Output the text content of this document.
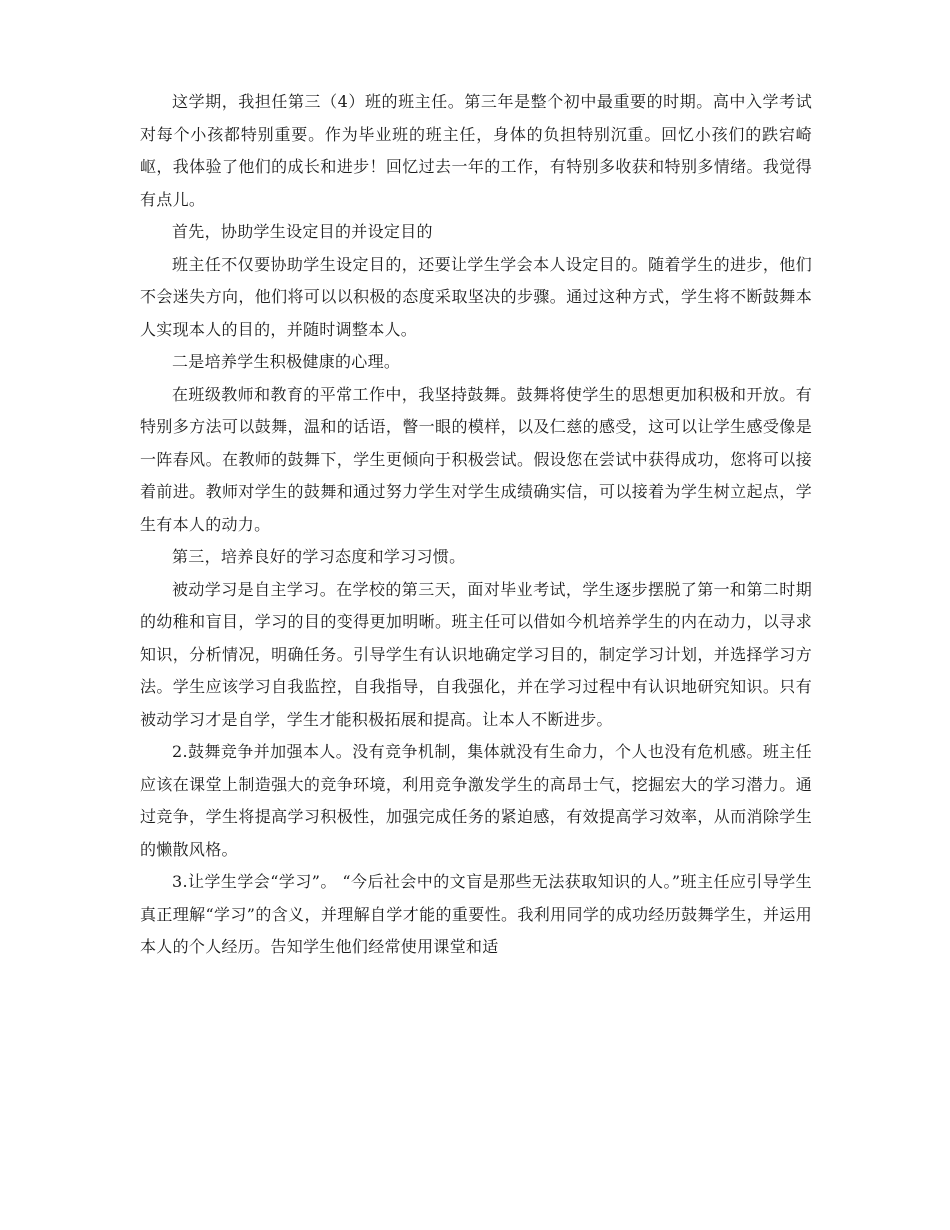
这学期，我担任第三（4）班的班主任。第三年是整个初中最重要的时期。高中入学考试对每个小孩都特别重要。作为毕业班的班主任，身体的负担特别沉重。回忆小孩们的跌宕崎岖，我体验了他们的成长和进步！回忆过去一年的工作，有特别多收获和特别多情绪。我觉得有点儿。

首先，协助学生设定目的并设定目的

班主任不仅要协助学生设定目的，还要让学生学会本人设定目的。随着学生的进步，他们不会迷失方向，他们将可以以积极的态度采取坚决的步骤。通过这种方式，学生将不断鼓舞本人实现本人的目的，并随时调整本人。

二是培养学生积极健康的心理。

在班级教师和教育的平常工作中，我坚持鼓舞。鼓舞将使学生的思想更加积极和开放。有特别多方法可以鼓舞，温和的话语，瞥一眼的模样，以及仁慈的感受，这可以让学生感受像是一阵春风。在教师的鼓舞下，学生更倾向于积极尝试。假设您在尝试中获得成功，您将可以接着前进。教师对学生的鼓舞和通过努力学生对学生成绩确实信，可以接着为学生树立起点，学生有本人的动力。

第三，培养良好的学习态度和学习习惯。

被动学习是自主学习。在学校的第三天，面对毕业考试，学生逐步摆脱了第一和第二时期的幼稚和盲目，学习的目的变得更加明晰。班主任可以借如今机培养学生的内在动力，以寻求知识，分析情况，明确任务。引导学生有认识地确定学习目的，制定学习计划，并选择学习方法。学生应该学习自我监控，自我指导，自我强化，并在学习过程中有认识地研究知识。只有被动学习才是自学，学生才能积极拓展和提高。让本人不断进步。

2.鼓舞竞争并加强本人。没有竞争机制，集体就没有生命力，个人也没有危机感。班主任应该在课堂上制造强大的竞争环境，利用竞争激发学生的高昂士气，挖掘宏大的学习潜力。通过竞争，学生将提高学习积极性，加强完成任务的紧迫感，有效提高学习效率，从而消除学生的懒散风格。

3.让学生学会“学习”。 “今后社会中的文盲是那些无法获取知识的人。”班主任应引导学生真正理解“学习”的含义，并理解自学才能的重要性。我利用同学的成功经历鼓舞学生，并运用本人的个人经历。告知学生他们经常使用课堂和适
